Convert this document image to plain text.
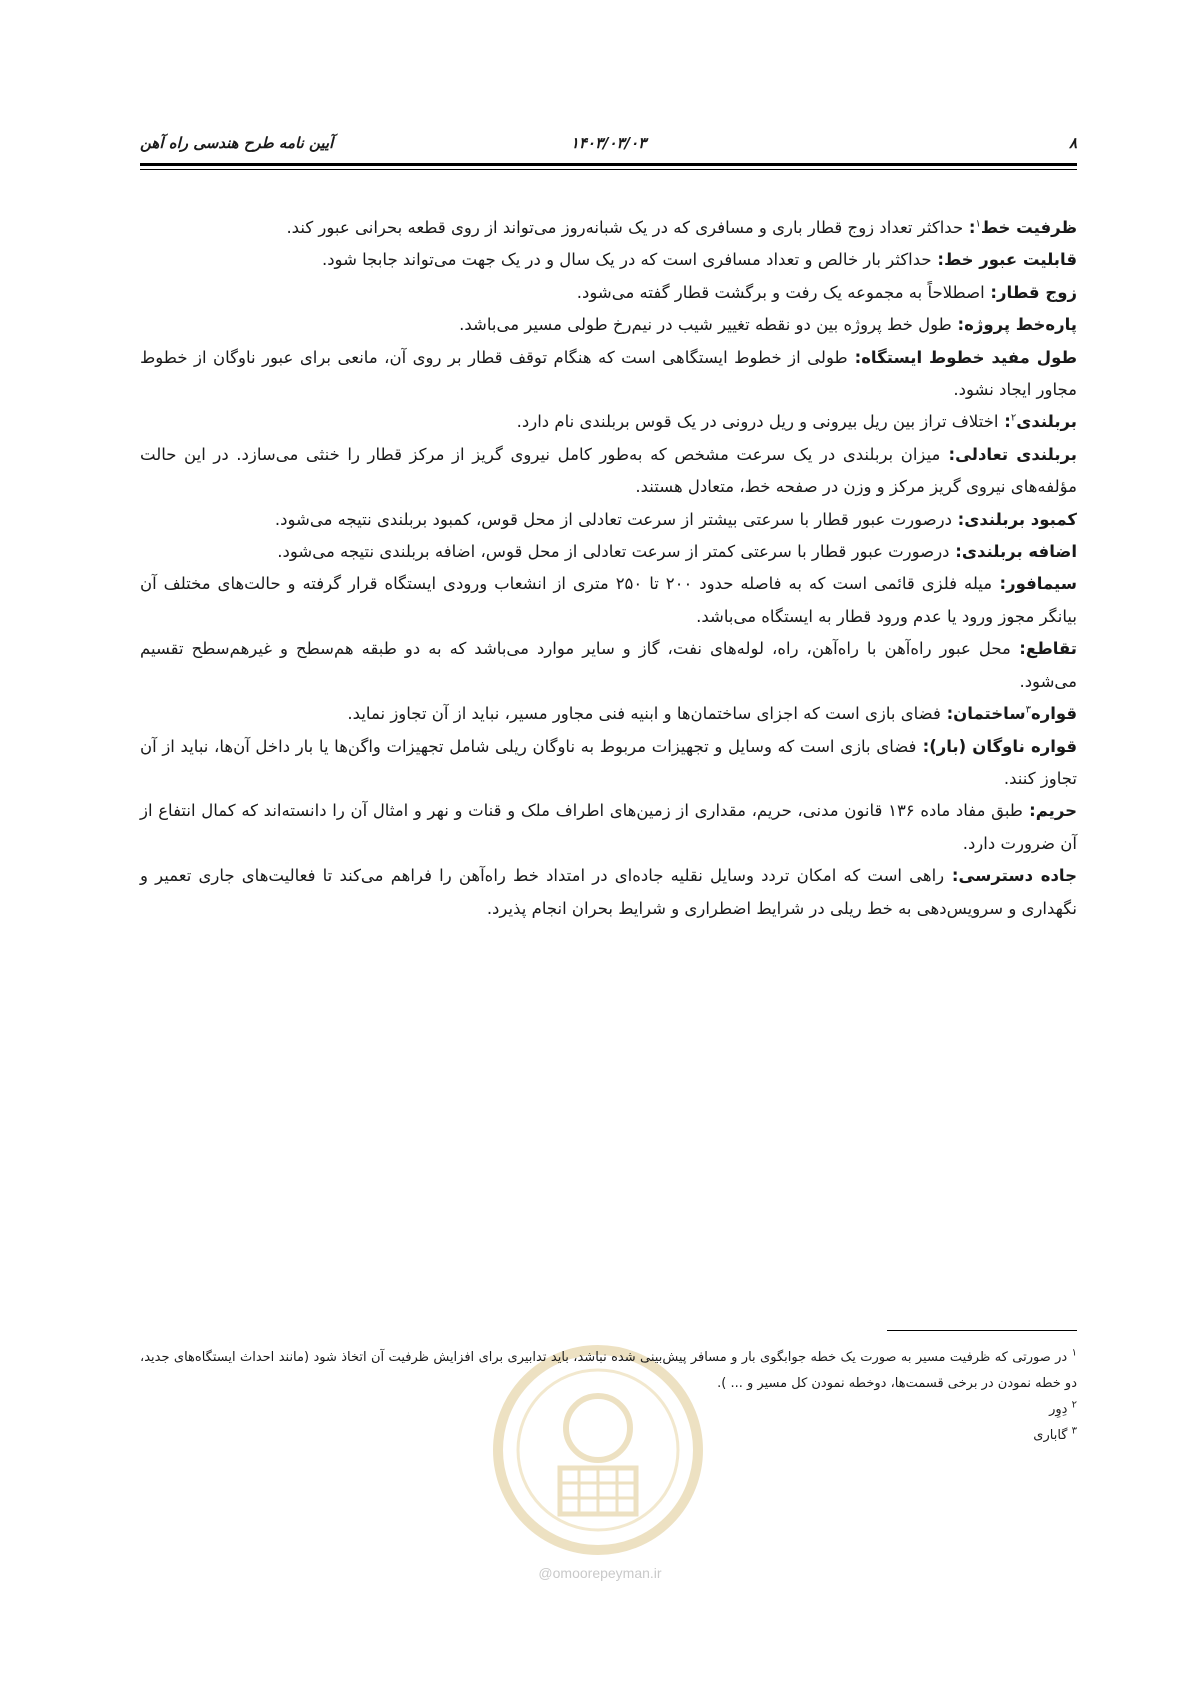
۸
۱۴۰۳/۰۳/۰۳
آیین نامه طرح هندسی راه آهن

ظرفیت خط$^۱$: حداکثر تعداد زوج قطار باری و مسافری که در یک شبانه‌روز می‌تواند از روی قطعه بحرانی عبور کند.

قابلیت عبور خط: حداکثر بار خالص و تعداد مسافری است که در یک سال و در یک جهت می‌تواند جابجا شود.

زوج قطار: اصطلاحاً به مجموعه یک رفت و برگشت قطار گفته می‌شود.

پاره‌خط پروژه: طول خط پروژه بین دو نقطه تغییر شیب در نیم‌رخ طولی مسیر می‌باشد.

طول مفید خطوط ایستگاه: طولی از خطوط ایستگاهی است که هنگام توقف قطار بر روی آن، مانعی برای عبور ناوگان از خطوط مجاور ایجاد نشود.

بربلندی$^۲$: اختلاف تراز بین ریل بیرونی و ریل درونی در یک قوس بربلندی نام دارد.

بربلندی تعادلی: میزان بربلندی در یک سرعت مشخص که به‌طور کامل نیروی گریز از مرکز قطار را خنثی می‌سازد. در این حالت مؤلفه‌های نیروی گریز مرکز و وزن در صفحه خط، متعادل هستند.

کمبود بربلندی: درصورت عبور قطار با سرعتی بیشتر از سرعت تعادلی از محل قوس، کمبود بربلندی نتیجه می‌شود.

اضافه بربلندی: درصورت عبور قطار با سرعتی کمتر از سرعت تعادلی از محل قوس، اضافه بربلندی نتیجه می‌شود.

سیمافور: میله فلزی قائمی است که به فاصله حدود ۲۰۰ تا ۲۵۰ متری از انشعاب ورودی ایستگاه قرار گرفته و حالت‌های مختلف آن بیانگر مجوز ورود یا عدم ورود قطار به ایستگاه می‌باشد.

تقاطع: محل عبور راه‌آهن با راه‌آهن، راه، لوله‌های نفت، گاز و سایر موارد می‌باشد که به دو طبقه هم‌سطح و غیرهم‌سطح تقسیم می‌شود.

قواره$^۳$ساختمان: فضای بازی است که اجزای ساختمان‌ها و ابنیه فنی مجاور مسیر، نباید از آن تجاوز نماید.

قواره ناوگان (بار): فضای بازی است که وسایل و تجهیزات مربوط به ناوگان ریلی شامل تجهیزات واگن‌ها یا بار داخل آن‌ها، نباید از آن تجاوز کنند.

حریم: طبق مفاد ماده ۱۳۶ قانون مدنی، حریم، مقداری از زمین‌های اطراف ملک و قنات و نهر و امثال آن را دانسته‌اند که کمال انتفاع از آن ضرورت دارد.

جاده دسترسی: راهی است که امکان تردد وسایل نقلیه جاده‌ای در امتداد خط راه‌آهن را فراهم می‌کند تا فعالیت‌های جاری تعمیر و نگهداری و سرویس‌دهی به خط ریلی در شرایط اضطراری و شرایط بحران انجام پذیرد.

@omoorepeyman.ir

$^۱$ در صورتی که ظرفیت مسیر به صورت یک خطه جوابگوی بار و مسافر پیش‌بینی شده نباشد، باید تدابیری برای افزایش ظرفیت آن اتخاذ شود (مانند احداث ایستگاه‌های جدید، دو خطه نمودن در برخی قسمت‌ها، دوخطه نمودن کل مسیر و ... ).

$^۲$ دِوِر

$^۳$ گاباری
